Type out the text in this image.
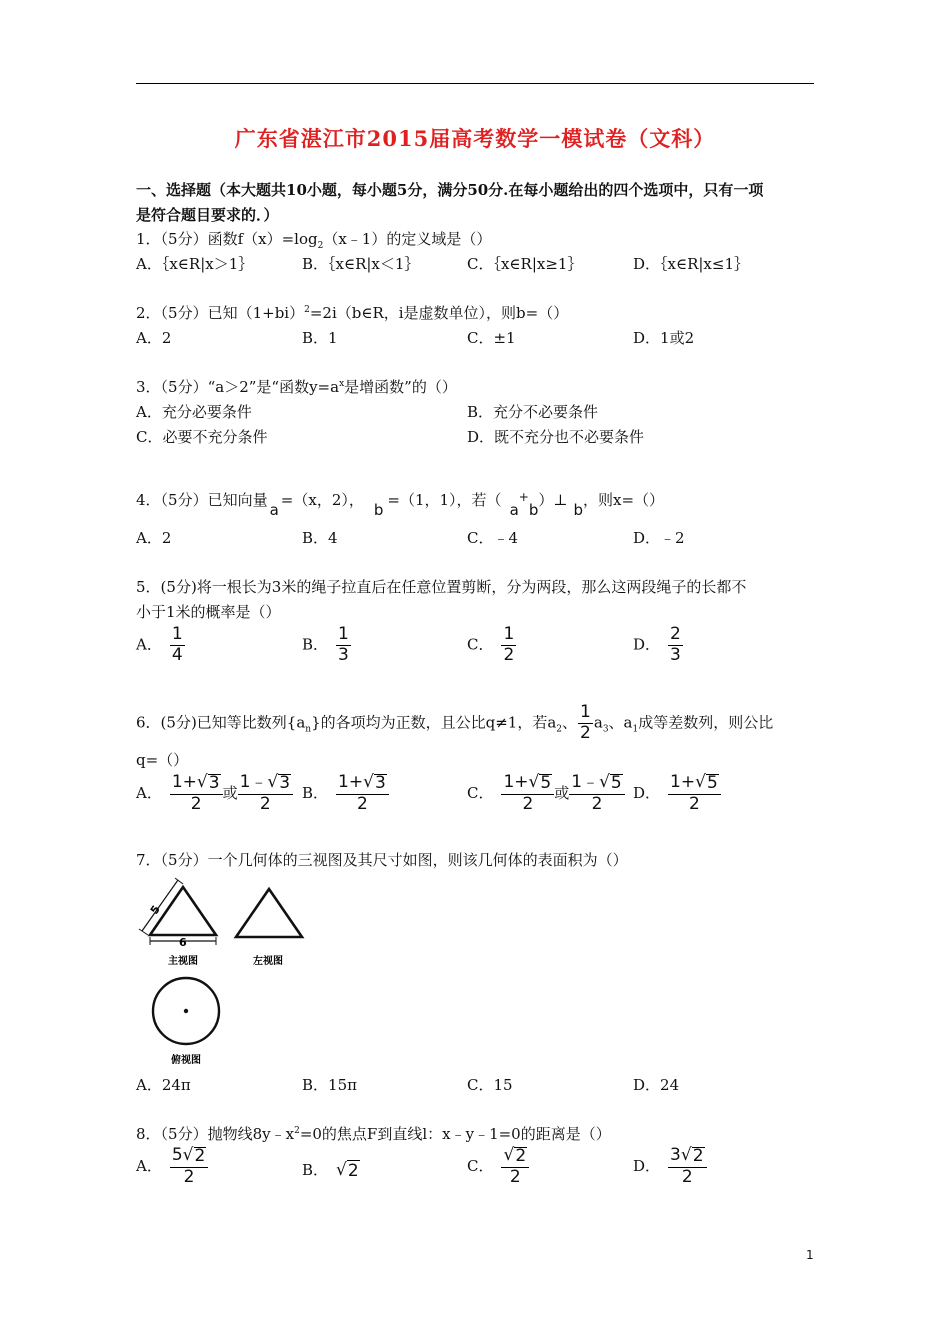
广东省湛江市2015届高考数学一模试卷（文科）
一、选择题（本大题共10小题，每小题5分，满分50分.在每小题给出的四个选项中，只有一项
是符合题目要求的．）
1．（5分）函数$f(x)=\log_2(x﹣1)$的定义域是（）
A．｛x∈R|x＞1｝	B．｛x∈R|x＜1｝	C．｛x∈R|x≥1｝	D．｛x∈R|x≤1｝
2．（5分）已知$(1+bi)^2=2i(b\in R$，i是虚数单位），则b=（）
A．2	B．1	C．±1	D．1或2
3．（5分）“a＞2”是“函数$y=a^x$是增函数”的（）
A．充分必要条件	B．充分不必要条件
C．必要不充分条件	D．既不充分也不必要条件
4．（5分）已知向量a=（x，2），b=（1，1），若（a+b）⊥b，则x=（）
A．2	B．4	C．﹣4	D．﹣2
5．(5分)将一根长为3米的绳子拉直后在任意位置剪断，分为两段，那么这两段绳子的长都不
小于1米的概率是（）
A． $\frac{1}{4}$	B． $\frac{1}{3}$	C． $\frac{1}{2}$	D． $\frac{2}{3}$
6．(5分)已知等比数列$\{a_n\}$的各项均为正数，且公比q≠1，若$a_2$、 $\frac{1}{2} a_3$、$a_1$成等差数列，则公比
q=（）
A． $\frac{1+ √ 3}{2}$ 或 $\frac{1﹣ √ 3}{2}$ B． $\frac{1+ √ 3}{2}$	C． $\frac{1+ √ 5}{2}$ 或 $\frac{1﹣ √ 5}{2}$ D． $\frac{1+ √ 5}{2}$
7．（5分）一个几何体的三视图及其尺寸如图，则该几何体的表面积为（）
5
6
主视图	左视图
俯视图
A．24π	B．15π	C．15	D．24
8．（5分）抛物线$8y﹣x^2=0$的焦点F到直线l：x﹣y﹣1=0的距离是（）
A． $\frac{5 √ 2}{2}$	B． √ 2	C． $\frac{√ 2}{2}$	D． $\frac{3 √ 2}{2}$
1
